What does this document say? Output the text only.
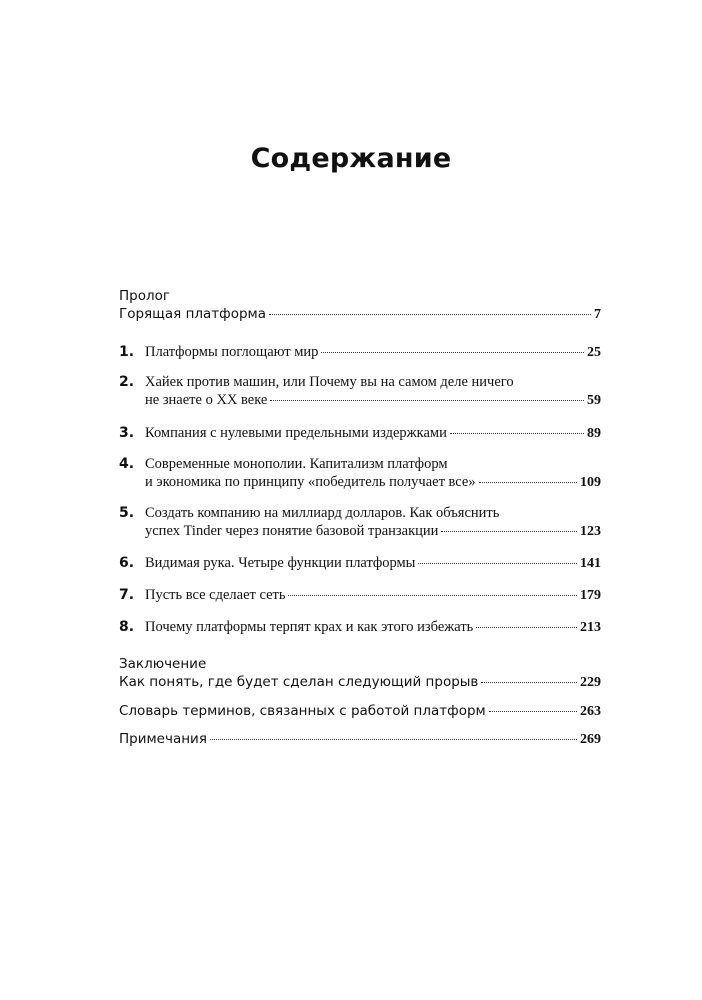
Содержание
Пролог
Горящая платформа	7
1. Платформы поглощают мир	25
2. Хайек против машин, или Почему вы на самом деле ничего
не знаете о XX веке	59
3. Компания с нулевыми предельными издержками	89
4. Современные монополии. Капитализм платформ
и экономика по принципу «победитель получает все»	109
5. Создать компанию на миллиард долларов. Как объяснить
успех Tinder через понятие базовой транзакции	123
6. Видимая рука. Четыре функции платформы	141
7. Пусть все сделает сеть	179
8. Почему платформы терпят крах и как этого избежать	213
Заключение
Как понять, где будет сделан следующий прорыв	229
Словарь терминов, связанных с работой платформ	263
Примечания	269
